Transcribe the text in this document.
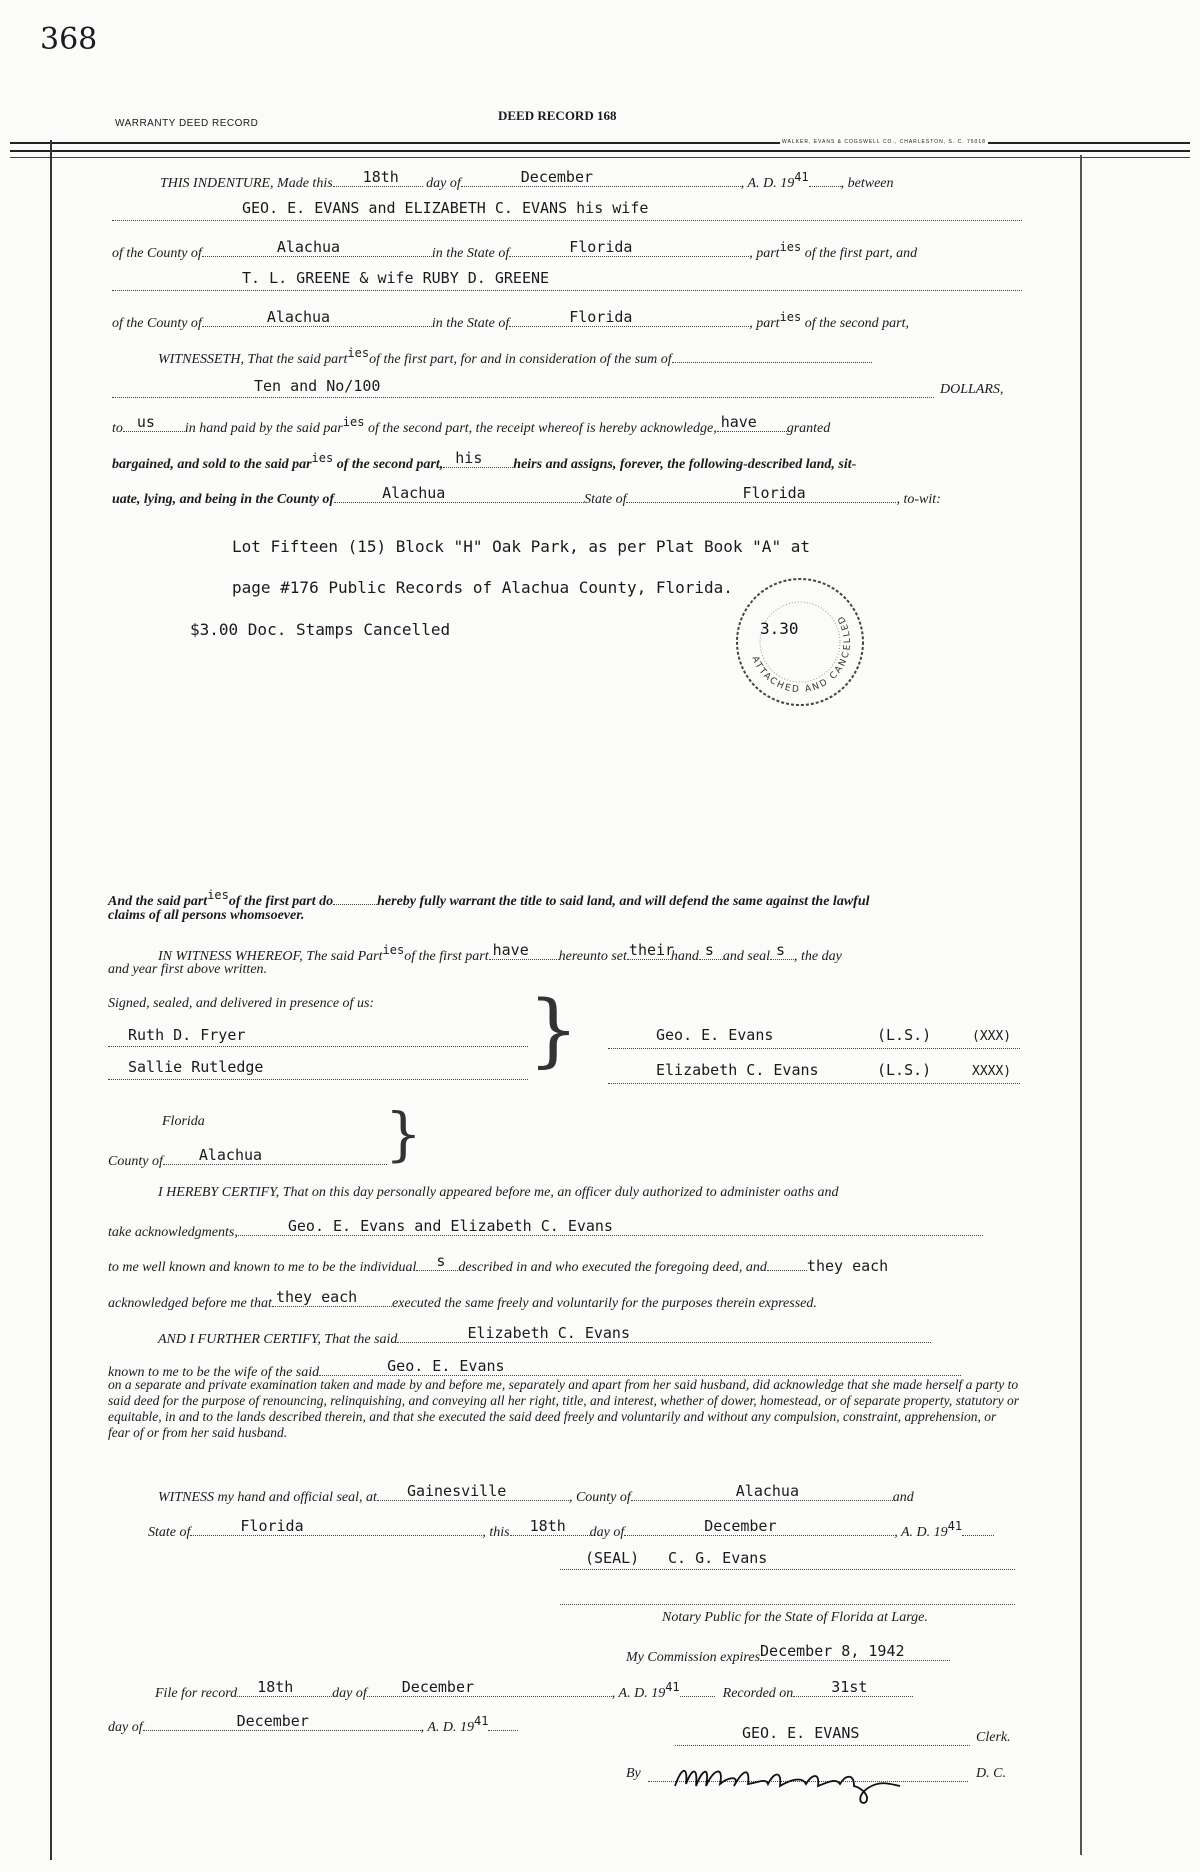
368
WARRANTY DEED RECORD
DEED RECORD 168
WALKER, EVANS & COGSWELL CO., CHARLESTON, S. C. 75018
THIS INDENTURE, Made this 18th day of	December	, A. D. 1941 , between
GEO. E. EVANS and ELIZABETH C. EVANS his wife
of the County of	Alachua	in the State of	Florida	, parties of the first part, and
T. L. GREENE & wife RUBY D. GREENE
of the County of	Alachua	in the State of	Florida	, parties of the second part,
WITNESSETH, That the said partiesof the first part, for and in consideration of the sum of
Ten and No/100	DOLLARS,
to us in hand paid by the said paries of the second part, the receipt whereof is hereby acknowledge, have granted
bargained, and sold to the said paries of the second part, his heirs and assigns, forever, the following-described land, sit-
uate, lying, and being in the County of	Alachua	State of	Florida	, to-wit:
Lot Fifteen (15) Block "H" Oak Park, as per Plat Book "A" at
page #176 Public Records of Alachua County, Florida.
$3.00 Doc. Stamps Cancelled
ATTACHED AND CANCELLED
3.30
And the said partiesof the first part do	hereby fully warrant the title to said land, and will defend the same against the lawful
claims of all persons whomsoever.
IN WITNESS WHEREOF, The said Partiesof the first part have hereunto set their
hand s and seal s , the day
and year first above written.
Signed, sealed, and delivered in presence of us:
Ruth D. Fryer
Sallie Rutledge	}	Geo. E. Evans	(L.S.)	(XXX)
Elizabeth C. Evans	(L.S.)	XXXX)
Florida
County of Alachua }
I HEREBY CERTIFY, That on this day personally appeared before me, an officer duly authorized to administer oaths and
take acknowledgments,	Geo. E. Evans and Elizabeth C. Evans
to me well known and known to me to be the individual s described in and who executed the foregoing deed, and	they each
acknowledged before me that they each executed the same freely and voluntarily for the purposes therein expressed.
AND I FURTHER CERTIFY, That the said	Elizabeth C. Evans
known to me to be the wife of the said	Geo. E. Evans
on a separate and private examination taken and made by and before me, separately and apart from her said husband, did acknowledge that she made herself a party to said deed for the purpose of renouncing, relinquishing, and conveying all her right, title, and interest, whether of dower, homestead, or of separate property, statutory or equitable, in and to the lands described therein, and that she executed the said deed freely and voluntarily and without any compulsion, constraint, apprehension, or fear of or from her said husband.
WITNESS my hand and official seal, at Gainesville	, County of	Alachua	and
State of	Florida	, this 18th day of	December	, A. D. 1941
(SEAL) C. G. Evans
Notary Public for the State of Florida at Large.
My Commission expires December 8, 1942
File for record 18th	day of December	, A. D. 1941	Recorded on	31st
day of	December	, A. D. 1941
GEO. E. EVANS	Clerk.
By	D. C.
MRedden berry
